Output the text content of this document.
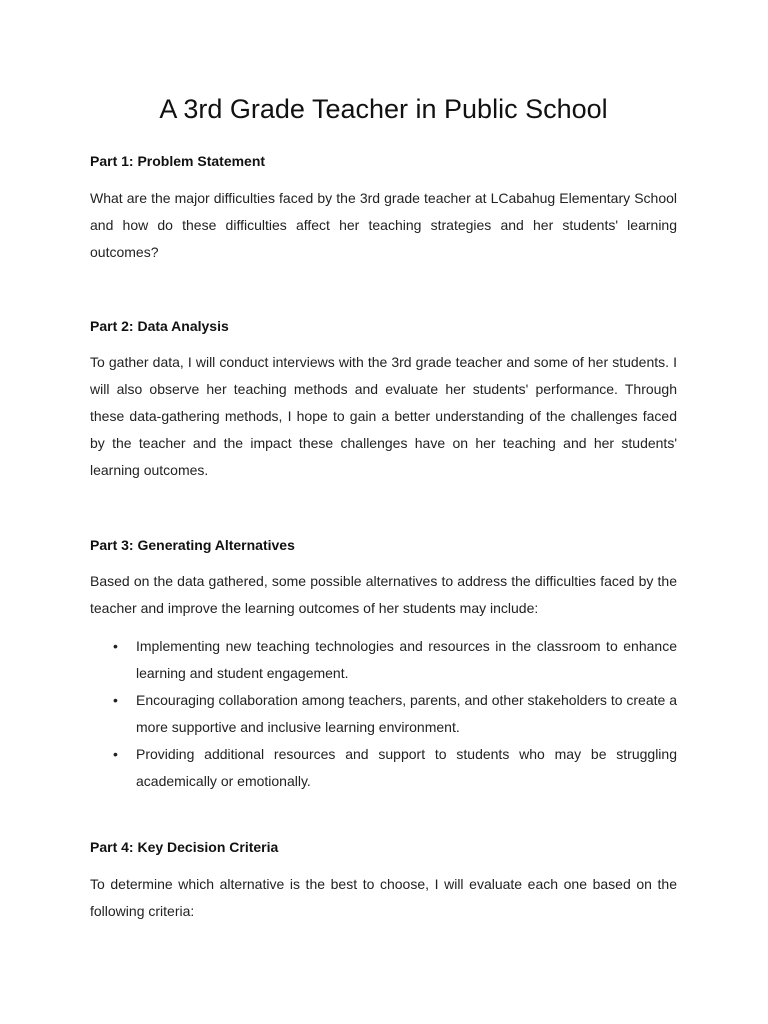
A 3rd Grade Teacher in Public School
Part 1: Problem Statement

What are the major difficulties faced by the 3rd grade teacher at LCabahug Elementary School and how do these difficulties affect her teaching strategies and her students' learning outcomes?

Part 2: Data Analysis

To gather data, I will conduct interviews with the 3rd grade teacher and some of her students. I will also observe her teaching methods and evaluate her students' performance. Through these data-gathering methods, I hope to gain a better understanding of the challenges faced by the teacher and the impact these challenges have on her teaching and her students' learning outcomes.

Part 3: Generating Alternatives

Based on the data gathered, some possible alternatives to address the difficulties faced by the teacher and improve the learning outcomes of her students may include:

• Implementing new teaching technologies and resources in the classroom to enhance learning and student engagement.
• Encouraging collaboration among teachers, parents, and other stakeholders to create a more supportive and inclusive learning environment.
• Providing additional resources and support to students who may be struggling academically or emotionally.
Part 4: Key Decision Criteria

To determine which alternative is the best to choose, I will evaluate each one based on the following criteria:
